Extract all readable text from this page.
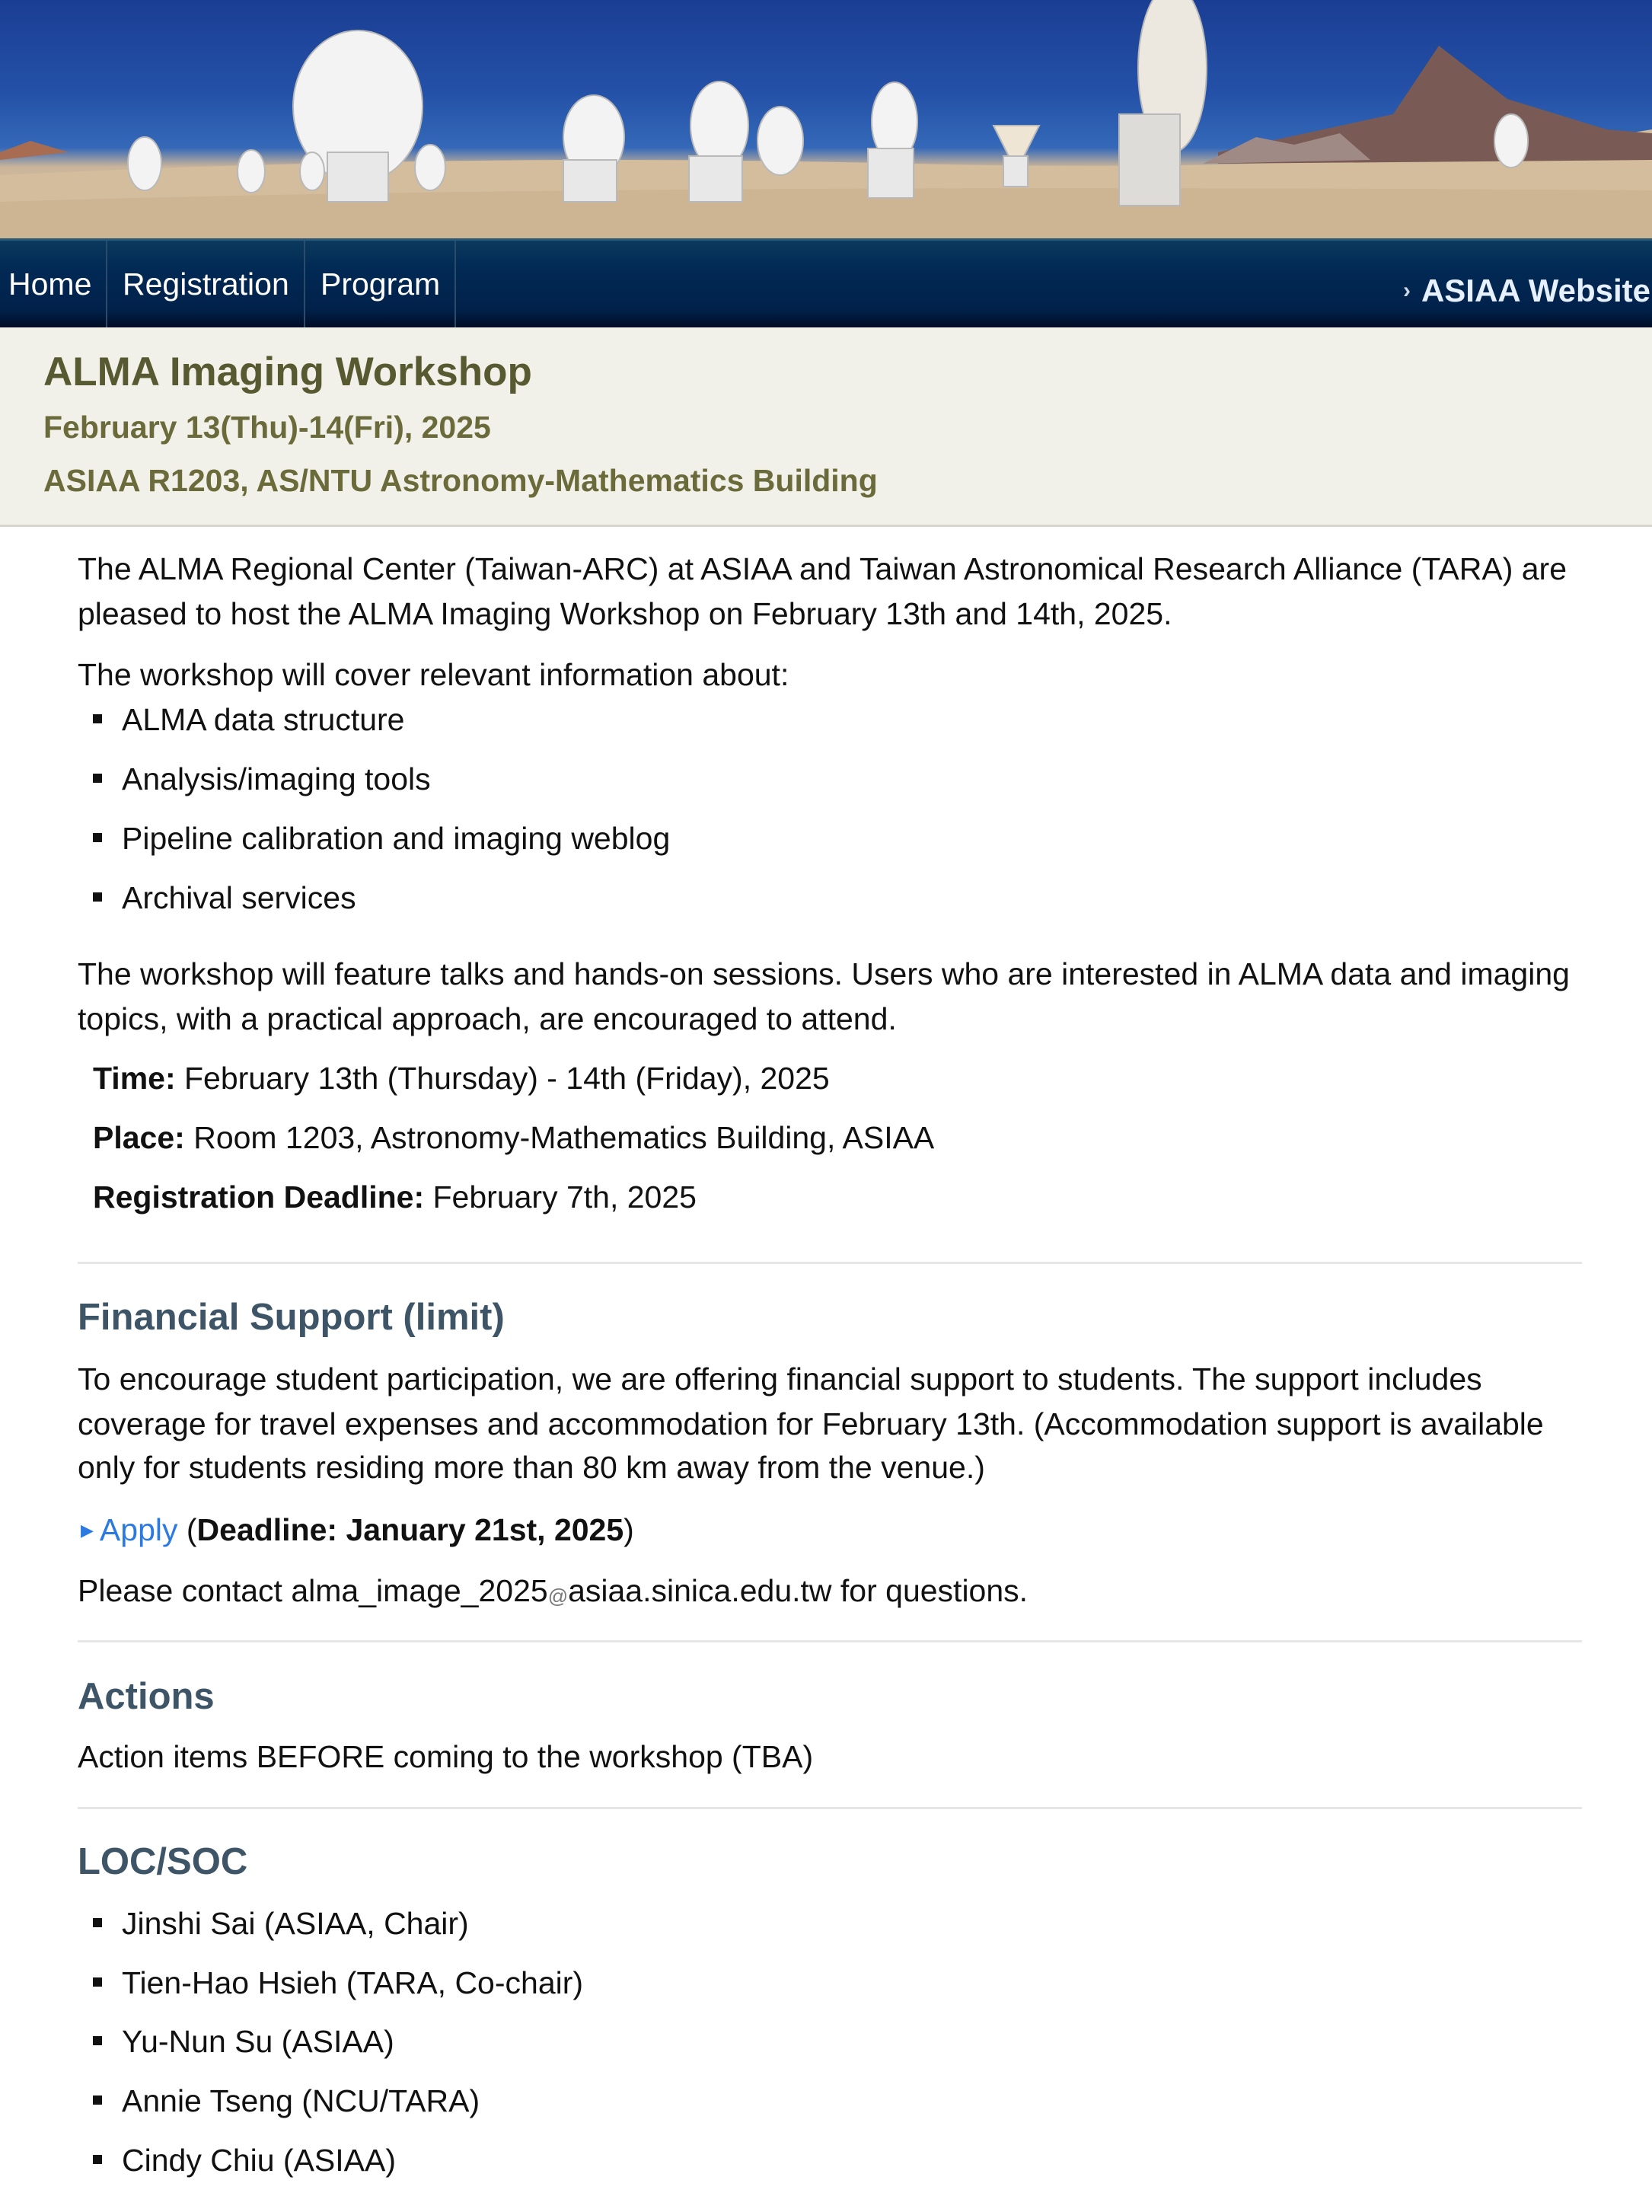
Home Registration	Program	› ASIAA Website
ALMA Imaging Workshop
February 13(Thu)-14(Fri), 2025
ASIAA R1203, AS/NTU Astronomy-Mathematics Building
The ALMA Regional Center (Taiwan-ARC) at ASIAA and Taiwan Astronomical Research Alliance (TARA) are
pleased to host the ALMA Imaging Workshop on February 13th and 14th, 2025.
The workshop will cover relevant information about:
ALMA data structure
Analysis/imaging tools
Pipeline calibration and imaging weblog
Archival services
The workshop will feature talks and hands-on sessions. Users who are interested in ALMA data and imaging
topics, with a practical approach, are encouraged to attend.
Time: February 13th (Thursday) - 14th (Friday), 2025
Place: Room 1203, Astronomy-Mathematics Building, ASIAA
Registration Deadline: February 7th, 2025
Financial Support (limit)
To encourage student participation, we are offering financial support to students. The support includes
coverage for travel expenses and accommodation for February 13th. (Accommodation support is available
only for students residing more than 80 km away from the venue.)
▶ Apply (Deadline: January 21st, 2025)
Please contact alma_image_2025@asiaa.sinica.edu.tw for questions.
Actions
Action items BEFORE coming to the workshop (TBA)
LOC/SOC
Jinshi Sai (ASIAA, Chair)
Tien-Hao Hsieh (TARA, Co-chair)
Yu-Nun Su (ASIAA)
Annie Tseng (NCU/TARA)
Cindy Chiu (ASIAA)
